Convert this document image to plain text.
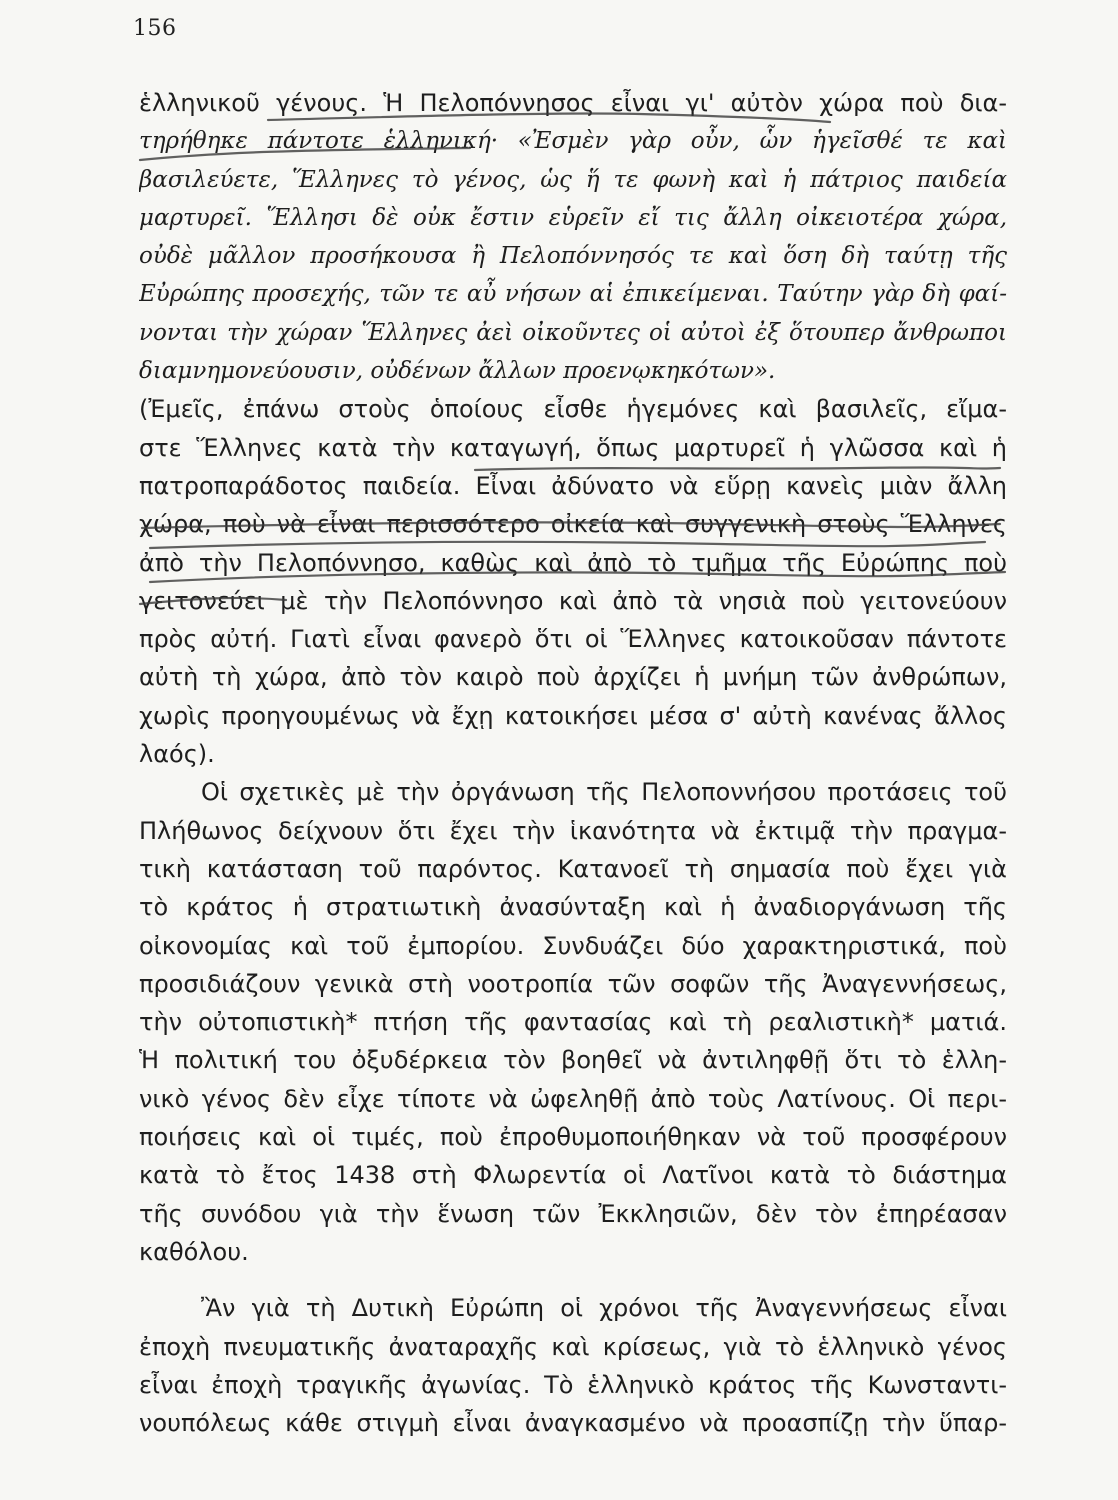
156
ἑλληνικοῦ γένους. Ἡ Πελοπόννησος εἶναι γι' αὐτὸν χώρα ποὺ δια-
τηρήθηκε πάντοτε ἑλληνική· «Ἐσμὲν γὰρ οὖν, ὧν ἡγεῖσθέ τε καὶ
βασιλεύετε, Ἕλληνες τὸ γένος, ὡς ἥ τε φωνὴ καὶ ἡ πάτριος παιδεία
μαρτυρεῖ. Ἕλλησι δὲ οὐκ ἔστιν εὑρεῖν εἴ τις ἄλλη οἰκειοτέρα χώρα,
οὐδὲ μᾶλλον προσήκουσα ἢ Πελοπόννησός τε καὶ ὅση δὴ ταύτῃ τῆς
Εὐρώπης προσεχής, τῶν τε αὖ νήσων αἱ ἐπικείμεναι. Ταύτην γὰρ δὴ φαί-
νονται τὴν χώραν Ἕλληνες ἀεὶ οἰκοῦντες οἱ αὐτοὶ ἐξ ὅτουπερ ἄνθρωποι
διαμνημονεύουσιν, οὐδένων ἄλλων προενῳκηκότων».
(Ἐμεῖς, ἐπάνω στοὺς ὁποίους εἶσθε ἡγεμόνες καὶ βασιλεῖς, εἴμα-
στε Ἕλληνες κατὰ τὴν καταγωγή, ὅπως μαρτυρεῖ ἡ γλῶσσα καὶ ἡ
πατροπαράδοτος παιδεία. Εἶναι ἀδύνατο νὰ εὕρῃ κανεὶς μιὰν ἄλλη
χώρα, ποὺ νὰ εἶναι περισσότερο οἰκεία καὶ συγγενικὴ στοὺς Ἕλληνες
ἀπὸ τὴν Πελοπόννησο, καθὼς καὶ ἀπὸ τὸ τμῆμα τῆς Εὐρώπης ποὺ
γειτονεύει μὲ τὴν Πελοπόννησο καὶ ἀπὸ τὰ νησιὰ ποὺ γειτονεύουν
πρὸς αὐτή. Γιατὶ εἶναι φανερὸ ὅτι οἱ Ἕλληνες κατοικοῦσαν πάντοτε
αὐτὴ τὴ χώρα, ἀπὸ τὸν καιρὸ ποὺ ἀρχίζει ἡ μνήμη τῶν ἀνθρώπων,
χωρὶς προηγουμένως νὰ ἔχῃ κατοικήσει μέσα σ' αὐτὴ κανένας ἄλλος
λαός).
Οἱ σχετικὲς μὲ τὴν ὀργάνωση τῆς Πελοποννήσου προτάσεις τοῦ
Πλήθωνος δείχνουν ὅτι ἔχει τὴν ἱκανότητα νὰ ἐκτιμᾷ τὴν πραγμα-
τικὴ κατάσταση τοῦ παρόντος. Κατανοεῖ τὴ σημασία ποὺ ἔχει γιὰ
τὸ κράτος ἡ στρατιωτικὴ ἀνασύνταξη καὶ ἡ ἀναδιοργάνωση τῆς
οἰκονομίας καὶ τοῦ ἐμπορίου. Συνδυάζει δύο χαρακτηριστικά, ποὺ
προσιδιάζουν γενικὰ στὴ νοοτροπία τῶν σοφῶν τῆς Ἀναγεννήσεως,
τὴν οὐτοπιστικὴ* πτήση τῆς φαντασίας καὶ τὴ ρεαλιστικὴ* ματιά.
Ἡ πολιτική του ὀξυδέρκεια τὸν βοηθεῖ νὰ ἀντιληφθῇ ὅτι τὸ ἑλλη-
νικὸ γένος δὲν εἶχε τίποτε νὰ ὠφεληθῇ ἀπὸ τοὺς Λατίνους. Οἱ περι-
ποιήσεις καὶ οἱ τιμές, ποὺ ἐπροθυμοποιήθηκαν νὰ τοῦ προσφέρουν
κατὰ τὸ ἔτος 1438 στὴ Φλωρεντία οἱ Λατῖνοι κατὰ τὸ διάστημα
τῆς συνόδου γιὰ τὴν ἕνωση τῶν Ἐκκλησιῶν, δὲν τὸν ἐπηρέασαν
καθόλου.
Ἂν γιὰ τὴ Δυτικὴ Εὐρώπη οἱ χρόνοι τῆς Ἀναγεννήσεως εἶναι
ἐποχὴ πνευματικῆς ἀναταραχῆς καὶ κρίσεως, γιὰ τὸ ἑλληνικὸ γένος
εἶναι ἐποχὴ τραγικῆς ἀγωνίας. Τὸ ἑλληνικὸ κράτος τῆς Κωνσταντι-
νουπόλεως κάθε στιγμὴ εἶναι ἀναγκασμένο νὰ προασπίζῃ τὴν ὕπαρ-
